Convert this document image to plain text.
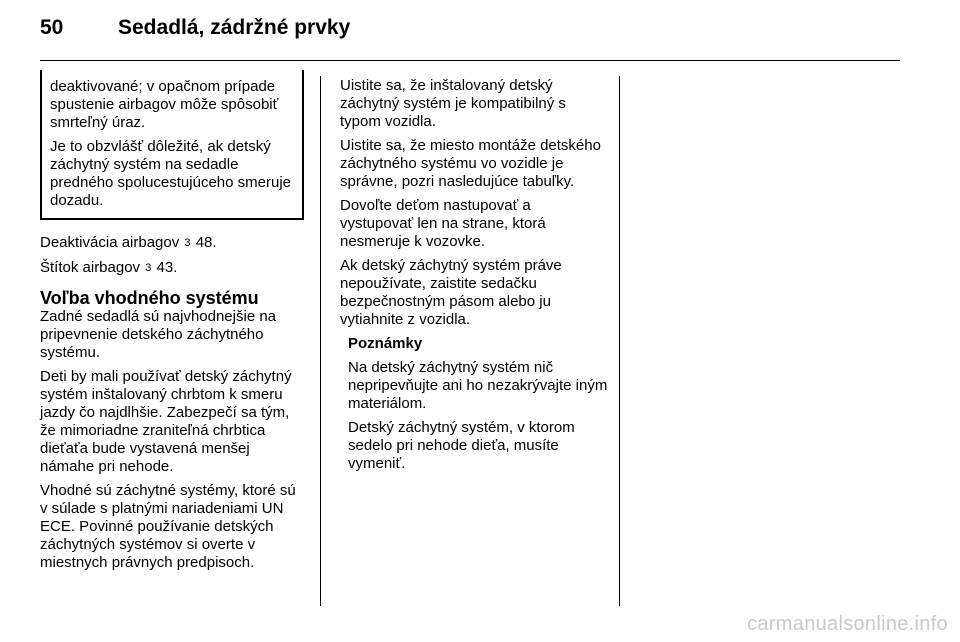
50	Sedadlá, zádržné prvky

deaktivované; v opačnom prípade spustenie airbagov môže spôsobiť smrteľný úraz.

Je to obzvlášť dôležité, ak detský záchytný systém na sedadle predného spolucestujúceho smeruje dozadu.

Deaktivácia airbagov 3 48.

Štítok airbagov 3 43.

Voľba vhodného systému

Zadné sedadlá sú najvhodnejšie na pripevnenie detského záchytného systému.

Deti by mali používať detský záchytný systém inštalovaný chrbtom k smeru jazdy čo najdlhšie. Zabezpečí sa tým, že mimoriadne zraniteľná chrbtica dieťaťa bude vystavená menšej námahe pri nehode.

Vhodné sú záchytné systémy, ktoré sú v súlade s platnými nariadeniami UN ECE. Povinné používanie detských záchytných systémov si overte v miestnych právnych predpisoch.

Uistite sa, že inštalovaný detský záchytný systém je kompatibilný s typom vozidla.

Uistite sa, že miesto montáže detského záchytného systému vo vozidle je správne, pozri nasledujúce tabuľky.

Dovoľte deťom nastupovať a vystupovať len na strane, ktorá nesmeruje k vozovke.

Ak detský záchytný systém práve nepoužívate, zaistite sedačku bezpečnostným pásom alebo ju vytiahnite z vozidla.

Poznámky

Na detský záchytný systém nič nepripevňujte ani ho nezakrývajte iným materiálom.

Detský záchytný systém, v ktorom sedelo pri nehode dieťa, musíte vymeniť.

carmanualsonline.info
